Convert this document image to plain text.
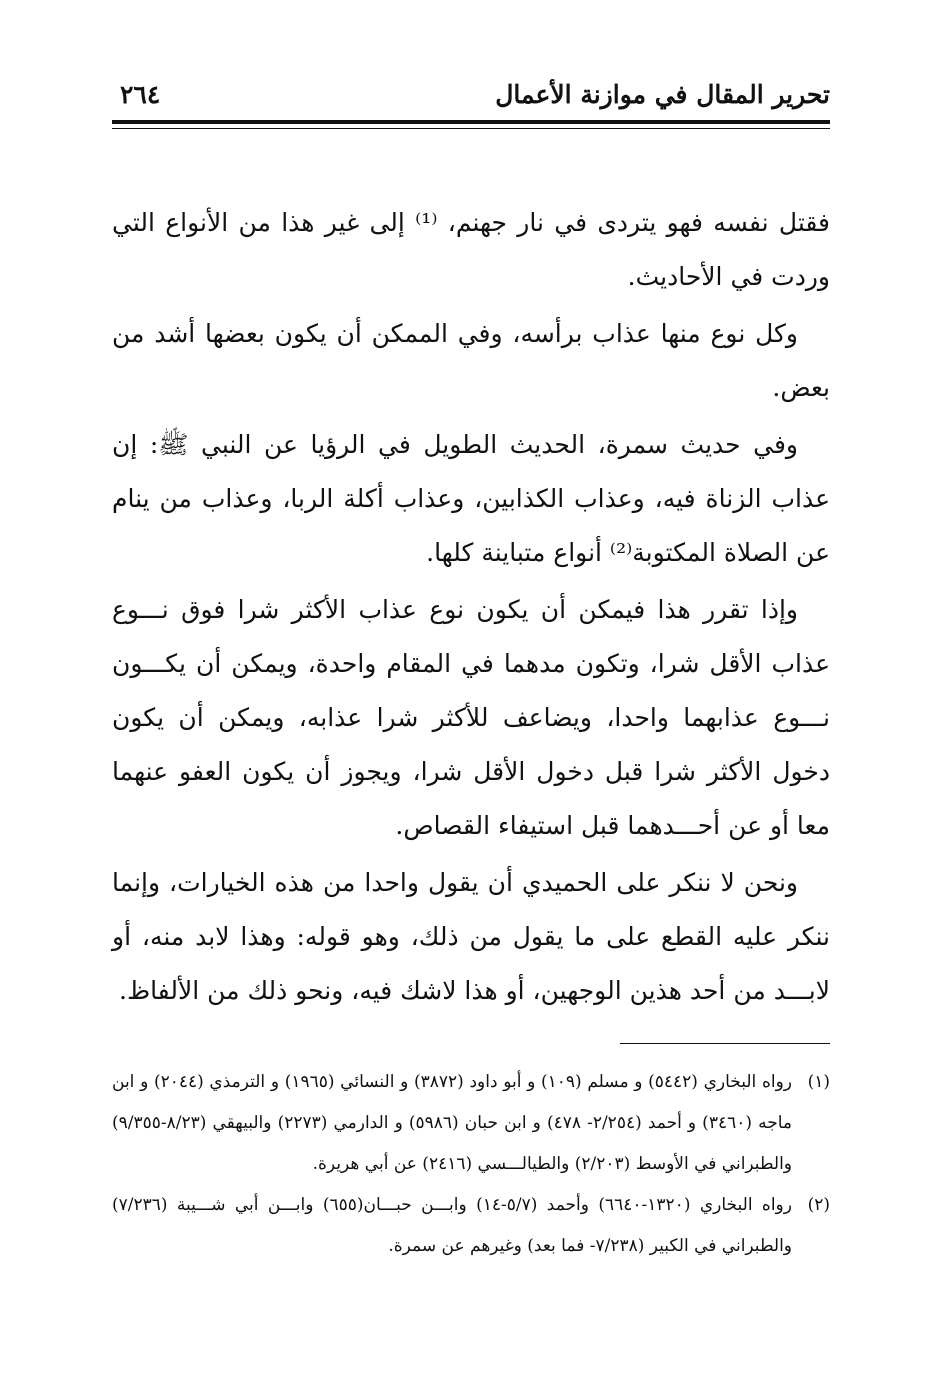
تحرير المقال في موازنة الأعمال
٢٦٤

فقتل نفسه فهو يتردى في نار جهنم، ⁽¹⁾ إلى غير هذا من الأنواع التي وردت في الأحاديث.

وكل نوع منها عذاب برأسه، وفي الممكن أن يكون بعضها أشد من بعض.

وفي حديث سمرة، الحديث الطويل في الرؤيا عن النبي ﷺ: إن عذاب الزناة فيه، وعذاب الكذابين، وعذاب أكلة الربا، وعذاب من ينام عن الصلاة المكتوبة⁽²⁾ أنواع متباينة كلها.

وإذا تقرر هذا فيمكن أن يكون نوع عذاب الأكثر شرا فوق نـــوع عذاب الأقل شرا، وتكون مدهما في المقام واحدة، ويمكن أن يكـــون نـــوع عذابهما واحدا، ويضاعف للأكثر شرا عذابه، ويمكن أن يكون دخول الأكثر شرا قبل دخول الأقل شرا، ويجوز أن يكون العفو عنهما معا أو عن أحـــدهما قبل استيفاء القصاص.

ونحن لا ننكر على الحميدي أن يقول واحدا من هذه الخيارات، وإنما ننكر عليه القطع على ما يقول من ذلك، وهو قوله: وهذا لابد منه، أو لابـــد من أحد هذين الوجهين، أو هذا لاشك فيه، ونحو ذلك من الألفاظ.

(١)رواه البخاري (٥٤٤٢) و مسلم (١٠٩) و أبو داود (٣٨٧٢) و النسائي (١٩٦٥) و الترمذي (٢٠٤٤) و ابن ماجه (٣٤٦٠) و أحمد (٢/٢٥٤- ٤٧٨) و ابن حبان (٥٩٨٦) و الدارمي (٢٢٧٣) والبيهقي (٨/٢٣-٩/٣٥٥) والطبراني في الأوسط (٢/٢٠٣) والطيالـــسي (٢٤١٦) عن أبي هريرة.

(٢)رواه البخاري (١٣٢٠-٦٦٤٠) وأحمد (٥/٧-١٤) وابـــن حبـــان(٦٥٥) وابـــن أبي شـــيبة (٧/٢٣٦) والطبراني في الكبير (٧/٢٣٨- فما بعد) وغيرهم عن سمرة.
